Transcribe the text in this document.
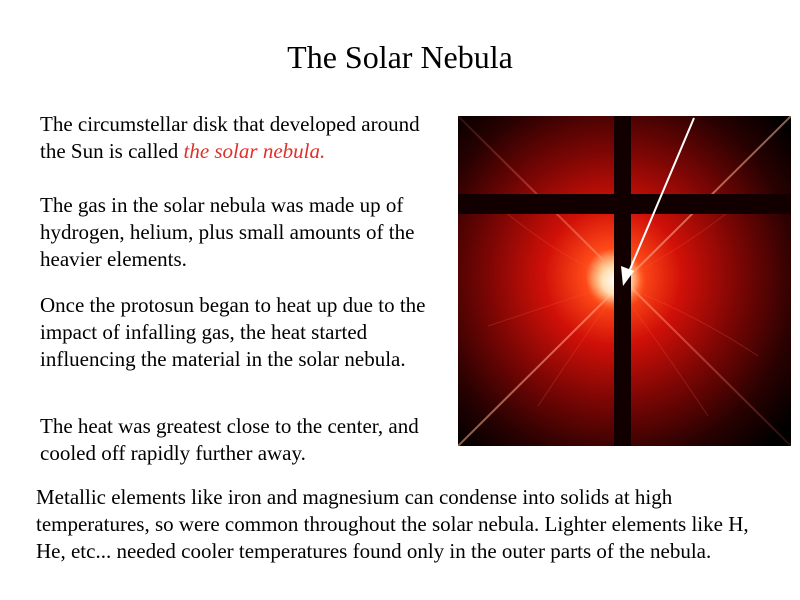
The Solar Nebula

The circumstellar disk that developed around the Sun is called the solar nebula.

The gas in the solar nebula was made up of hydrogen, helium, plus small amounts of the heavier elements.

Once the protosun began to heat up due to the impact of infalling gas, the heat started influencing the material in the solar nebula.

The heat was greatest close to the center, and cooled off rapidly further away.

Metallic elements like iron and magnesium can condense into solids at high temperatures, so were common throughout the solar nebula. Lighter elements like H, He, etc... needed cooler temperatures found only in the outer parts of the nebula.
